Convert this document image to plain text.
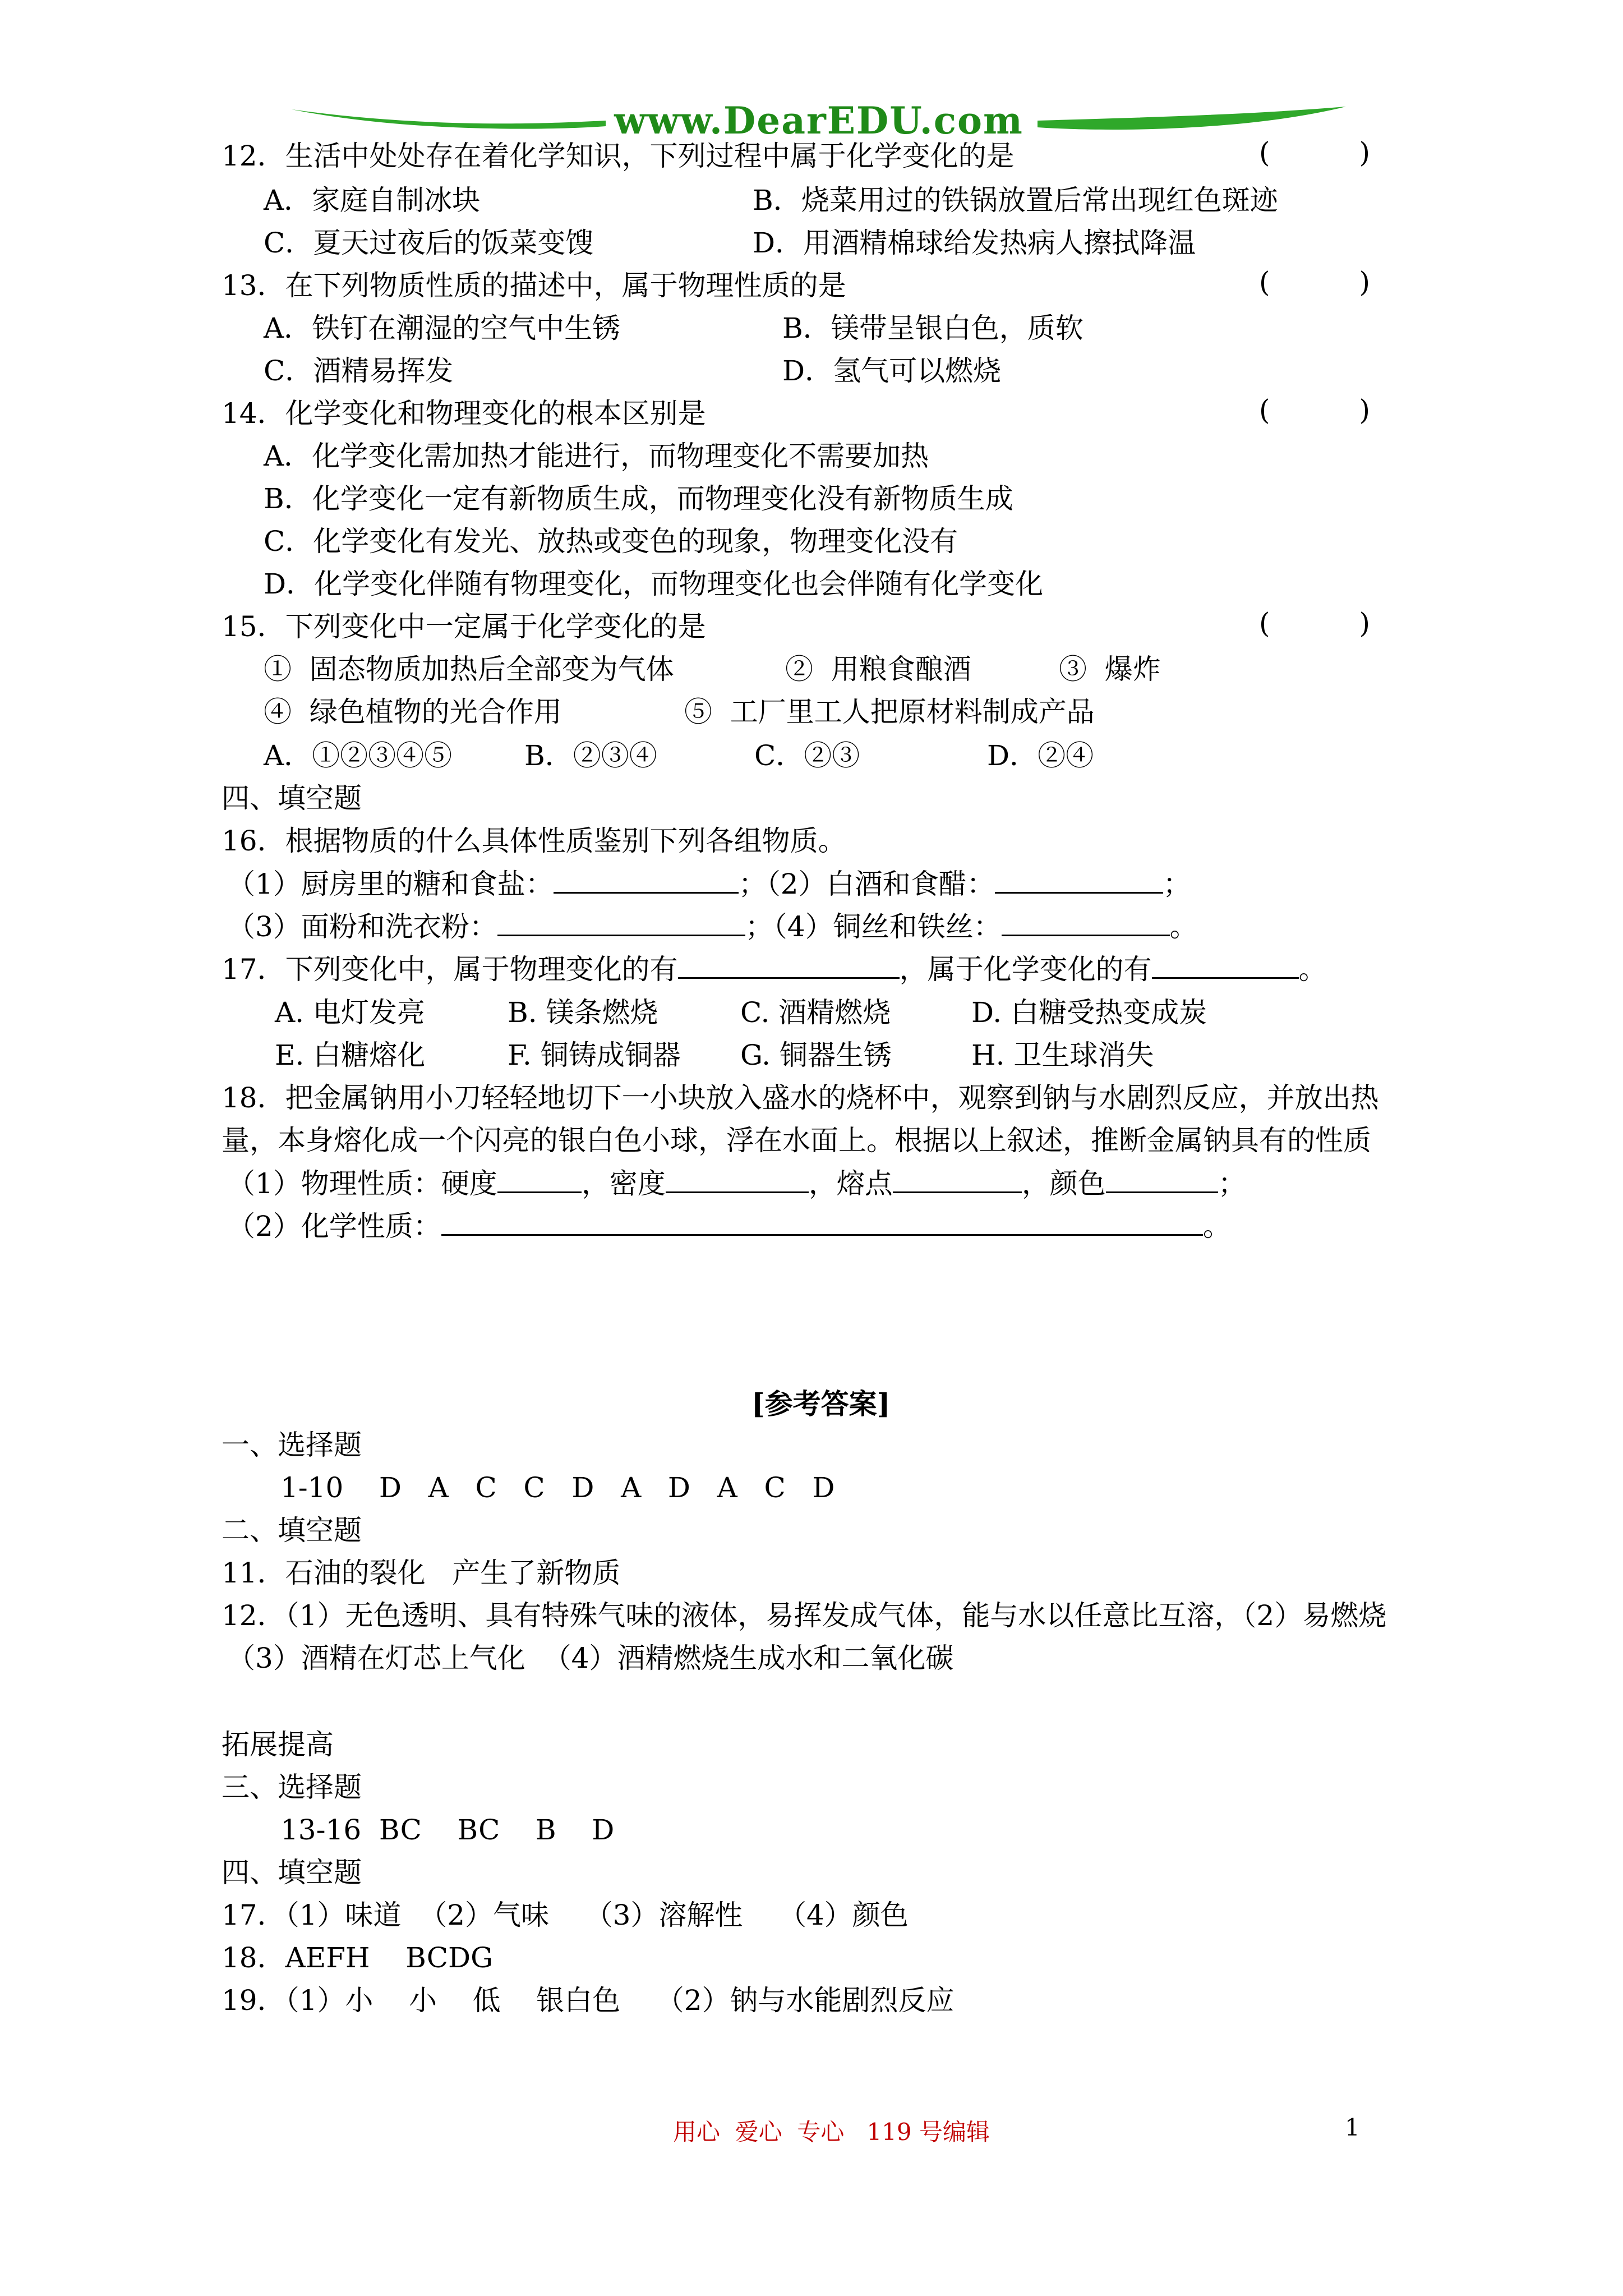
www.DearEDU.com
12．生活中处处存在着化学知识，下列过程中属于化学变化的是	(          )
A．家庭自制冰块	B．烧菜用过的铁锅放置后常出现红色斑迹
C．夏天过夜后的饭菜变馊	D．用酒精棉球给发热病人擦拭降温
13．在下列物质性质的描述中，属于物理性质的是	(          )
A．铁钉在潮湿的空气中生锈	B．镁带呈银白色，质软
C．酒精易挥发	D．氢气可以燃烧
14．化学变化和物理变化的根本区别是	(          )
A．化学变化需加热才能进行，而物理变化不需要加热
B．化学变化一定有新物质生成，而物理变化没有新物质生成
C．化学变化有发光、放热或变色的现象，物理变化没有
D．化学变化伴随有物理变化，而物理变化也会伴随有化学变化
15．下列变化中一定属于化学变化的是	(          )
①  固态物质加热后全部变为气体	②  用粮食酿酒	③  爆炸
④  绿色植物的光合作用	⑤  工厂里工人把原材料制成产品
A．①②③④⑤	B．②③④	C．②③	D．②④
四、填空题
16．根据物质的什么具体性质鉴别下列各组物质。
（1）厨房里的糖和食盐：	；（2）白酒和食醋：	；
（3）面粉和洗衣粉：	；（4）铜丝和铁丝：	。
17．下列变化中，属于物理变化的有	，属于化学变化的有	。
A. 电灯发亮	B. 镁条燃烧	C. 酒精燃烧	D. 白糖受热变成炭
E. 白糖熔化	F. 铜铸成铜器 G. 铜器生锈	H. 卫生球消失
18．把金属钠用小刀轻轻地切下一小块放入盛水的烧杯中，观察到钠与水剧烈反应，并放出热
量，本身熔化成一个闪亮的银白色小球，浮在水面上。根据以上叙述，推断金属钠具有的性质
（1）物理性质：硬度	，密度	，熔点	，颜色	；
（2）化学性质：	。
[参考答案]
一、选择题
1-10    D   A   C   C   D   A   D   A   C   D
二、填空题
11．石油的裂化   产生了新物质
12．（1）无色透明、具有特殊气味的液体，易挥发成气体，能与水以任意比互溶，（2）易燃烧
（3）酒精在灯芯上气化  （4）酒精燃烧生成水和二氧化碳
拓展提高
三、选择题
13-16  BC    BC    B    D
四、填空题
17．（1）味道  （2）气味    （3）溶解性    （4）颜色
18．AEFH    BCDG
19．（1）小    小    低    银白色    （2）钠与水能剧烈反应
用心  爱心  专心   119 号编辑	1
